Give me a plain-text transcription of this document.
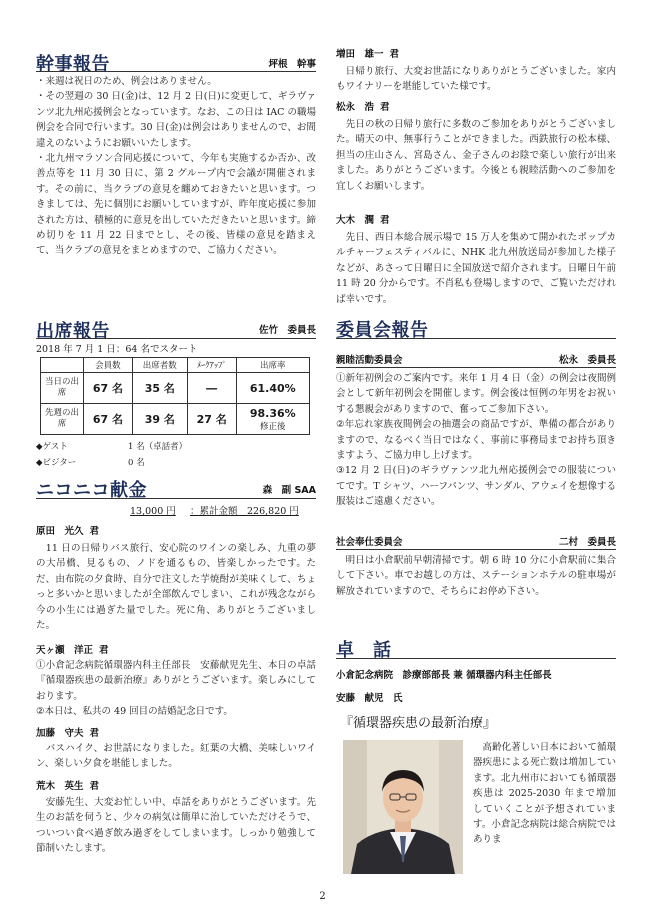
幹事報告	坪根　幹事
・来週は祝日のため、例会はありません。
・その翌週の 30 日(金)は、12 月 2 日(日)に変更して、ギラヴァンツ北九州応援例会となっています。なお、この日は IAC の職場例会を合同で行います。30 日(金)は例会はありませんので、お間違えのないようにお願いいたします。
・北九州マラソン合同応援について、今年も実施するか否か、改善点等を 11 月 30 日に、第 2 グループ内で会議が開催されます。その前に、当クラブの意見を纏めておきたいと思います。つきましては、先に個別にお願いしていますが、昨年度応援に参加された方は、積極的に意見を出していただきたいと思います。締め切りを 11 月 22 日までとし、その後、皆様の意見を踏まえて、当クラブの意見をまとめますので、ご協力ください。
出席報告	佐竹　委員長
2018 年 7 月 1 日：64 名でスタート
	会員数	出席者数	ﾒｰｸｱｯﾌﾟ	出席率
当日の出席	67 名	35 名	―	61.40%
先週の出席	67 名	39 名	27 名	98.36%
修正後
◆ゲスト	1 名（卓話者）
◆ビジター	0 名
ニコニコ献金	森　副 SAA
13,000 円 ：累計金額　226,820 円
原田　光久 君
　11 日の日帰りバス旅行、安心院のワインの楽しみ、九重の夢の大吊橋、見るもの、ノドを通るもの、皆楽しかったです。ただ、由布院の夕食時、自分で注文した芋焼酎が美味くして、ちょっと多いかと思いましたが全部飲んでしまい、これが残念ながら今の小生には過ぎた量でした。死に角、ありがとうございました。
天ヶ瀬　洋正 君
①小倉記念病院循環器内科主任部長　安藤献児先生、本日の卓話『循環器疾患の最新治療』ありがとうございます。楽しみにしております。
②本日は、私共の 49 回目の結婚記念日です。
加藤　守夫 君
　バスハイク、お世話になりました。紅葉の大橋、美味しいワイン、楽しい夕食を堪能しました。
荒木　英生 君
　安藤先生、大変お忙しい中、卓話をありがとうございます。先生のお話を伺うと、少々の病気は簡単に治していただけそうで、ついつい食べ過ぎ飲み過ぎをしてしまいます。しっかり勉強して節制いたします。
増田　雄一 君
　日帰り旅行、大変お世話になりありがとうございました。家内もワイナリーを堪能していた様です。
松永　浩 君
　先日の秋の日帰り旅行に多数のご参加をありがとうございました。晴天の中、無事行うことができました。西鉄旅行の松本様、担当の庄山さん、宮島さん、金子さんのお陰で楽しい旅行が出来ました。ありがとうございます。今後とも親睦活動へのご参加を宜しくお願いします。
大木　潤 君
　先日、西日本総合展示場で 15 万人を集めて開かれたポップカルチャーフェスティバルに、NHK 北九州放送局が参加した様子などが、あさって日曜日に全国放送で紹介されます。日曜日午前 11 時 20 分からです。不肖私も登場しますので、ご覧いただければ幸いです。
委員会報告
親睦活動委員会	松永　委員長
①新年初例会のご案内です。来年 1 月 4 日（金）の例会は夜間例会として新年初例会を開催します。例会後は恒例の年男をお祝いする懇親会がありますので、奮ってご参加下さい。
②年忘れ家族夜間例会の抽選会の商品ですが、準備の都合がありますので、なるべく当日ではなく、事前に事務局までお持ち頂きますよう、ご協力申し上げます。
③12 月 2 日(日)のギラヴァンツ北九州応援例会での服装についてです。T シャツ、ハーフパンツ、サンダル、アウェイを想像する服装はご遠慮ください。
社会奉仕委員会	二村　委員長
　明日は小倉駅前早朝清掃です。朝 6 時 10 分に小倉駅前に集合して下さい。車でお越しの方は、ステーションホテルの駐車場が解放されていますので、そちらにお停め下さい。
卓　話
小倉記念病院　診療部部長 兼 循環器内科主任部長
安藤　献児　氏
『循環器疾患の最新治療』
　高齢化著しい日本において循環器疾患による死亡数は増加しています。北九州市においても循環器疾患は 2025-2030 年まで増加していくことが予想されています。小倉記念病院は総合病院ではありま
2
